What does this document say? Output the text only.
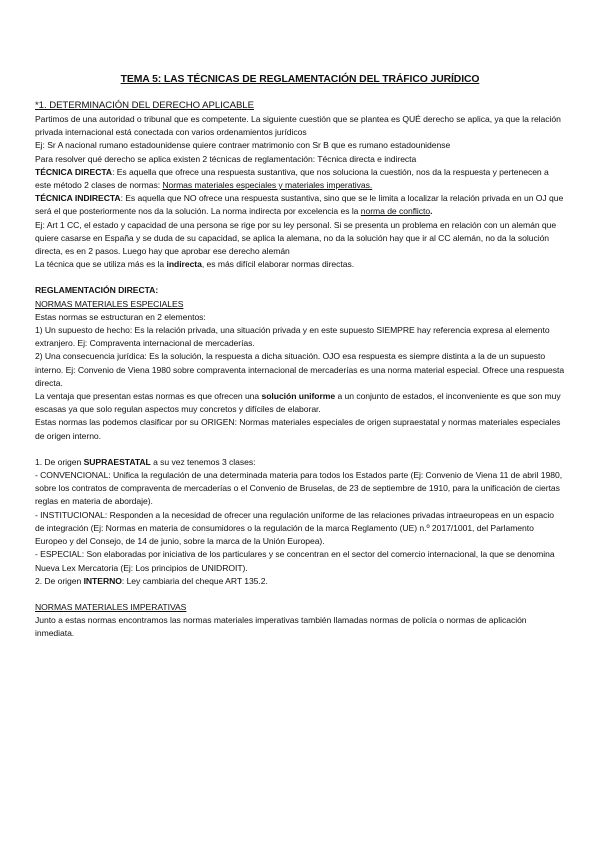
TEMA 5: LAS TÉCNICAS DE REGLAMENTACIÓN DEL TRÁFICO JURÍDICO

*1. DETERMINACIÓN DEL DERECHO APLICABLE

Partimos de una autoridad o tribunal que es competente. La siguiente cuestión que se plantea es QUÉ derecho se aplica, ya que la relación privada internacional está conectada con varios ordenamientos jurídicos

Ej: Sr A nacional rumano estadounidense quiere contraer matrimonio con Sr B que es rumano estadounidense

Para resolver qué derecho se aplica existen 2 técnicas de reglamentación: Técnica directa e indirecta

TÉCNICA DIRECTA: Es aquella que ofrece una respuesta sustantiva, que nos soluciona la cuestión, nos da la respuesta y pertenecen a este método 2 clases de normas: Normas materiales especiales y materiales imperativas.

TÉCNICA INDIRECTA: Es aquella que NO ofrece una respuesta sustantiva, sino que se le limita a localizar la relación privada en un OJ que será el que posteriormente nos da la solución. La norma indirecta por excelencia es la norma de conflicto.

Ej: Art 1 CC, el estado y capacidad de una persona se rige por su ley personal. Si se presenta un problema en relación con un alemán que quiere casarse en España y se duda de su capacidad, se aplica la alemana, no da la solución hay que ir al CC alemán, no da la solución directa, es en 2 pasos. Luego hay que aprobar ese derecho alemán

La técnica que se utiliza más es la indirecta, es más difícil elaborar normas directas.

REGLAMENTACIÓN DIRECTA:

NORMAS MATERIALES ESPECIALES

Estas normas se estructuran en 2 elementos:

1) Un supuesto de hecho: Es la relación privada, una situación privada y en este supuesto SIEMPRE hay referencia expresa al elemento extranjero. Ej: Compraventa internacional de mercaderías.

2) Una consecuencia jurídica: Es la solución, la respuesta a dicha situación. OJO esa respuesta es siempre distinta a la de un supuesto interno. Ej: Convenio de Viena 1980 sobre compraventa internacional de mercaderías es una norma material especial. Ofrece una respuesta directa.

La ventaja que presentan estas normas es que ofrecen una solución uniforme a un conjunto de estados, el inconveniente es que son muy escasas ya que solo regulan aspectos muy concretos y difíciles de elaborar.

Estas normas las podemos clasificar por su ORIGEN: Normas materiales especiales de origen supraestatal y normas materiales especiales de origen interno.

1. De origen SUPRAESTATAL a su vez tenemos 3 clases:

- CONVENCIONAL: Unifica la regulación de una determinada materia para todos los Estados parte (Ej: Convenio de Viena 11 de abril 1980, sobre los contratos de compraventa de mercaderías o el Convenio de Bruselas, de 23 de septiembre de 1910, para la unificación de ciertas reglas en materia de abordaje).

- INSTITUCIONAL: Responden a la necesidad de ofrecer una regulación uniforme de las relaciones privadas intraeuropeas en un espacio de integración (Ej: Normas en materia de consumidores o la regulación de la marca Reglamento (UE) n.º 2017/1001, del Parlamento Europeo y del Consejo, de 14 de junio, sobre la marca de la Unión Europea).

- ESPECIAL: Son elaboradas por iniciativa de los particulares y se concentran en el sector del comercio internacional, la que se denomina Nueva Lex Mercatoria (Ej: Los principios de UNIDROIT).

2. De origen INTERNO: Ley cambiaria del cheque ART 135.2.

NORMAS MATERIALES IMPERATIVAS

Junto a estas normas encontramos las normas materiales imperativas también llamadas normas de policía o normas de aplicación inmediata.
